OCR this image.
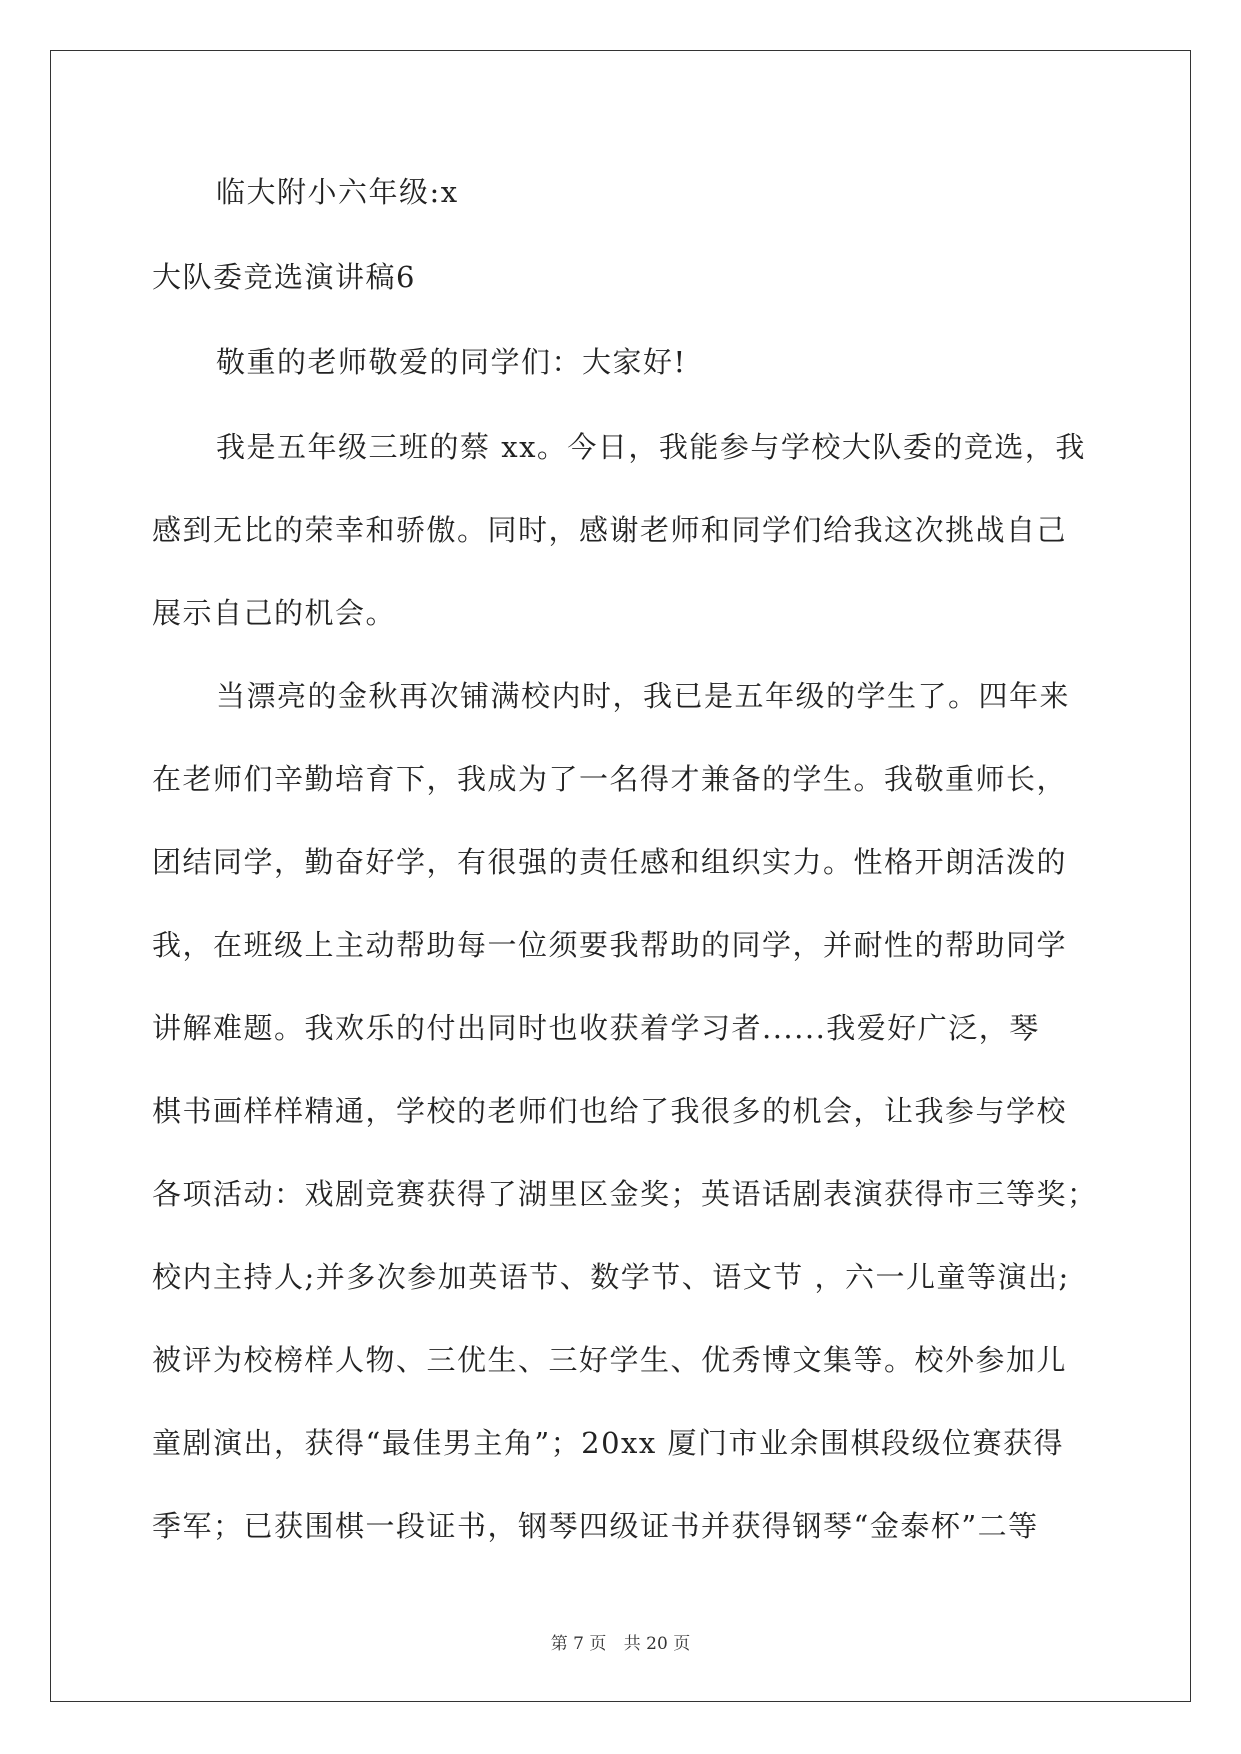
临大附小六年级:x
大队委竞选演讲稿6
敬重的老师敬爱的同学们：大家好!
我是五年级三班的蔡 xx。今日，我能参与学校大队委的竞选，我
感到无比的荣幸和骄傲。同时，感谢老师和同学们给我这次挑战自己
展示自己的机会。
当漂亮的金秋再次铺满校内时，我已是五年级的学生了。四年来
在老师们辛勤培育下，我成为了一名得才兼备的学生。我敬重师长，
团结同学，勤奋好学，有很强的责任感和组织实力。性格开朗活泼的
我，在班级上主动帮助每一位须要我帮助的同学，并耐性的帮助同学
讲解难题。我欢乐的付出同时也收获着学习者......我爱好广泛，琴
棋书画样样精通，学校的老师们也给了我很多的机会，让我参与学校
各项活动：戏剧竞赛获得了湖里区金奖；英语话剧表演获得市三等奖；
校内主持人;并多次参加英语节、数学节、语文节 ，六一儿童等演出;
被评为校榜样人物、三优生、三好学生、优秀博文集等。校外参加儿
童剧演出，获得“最佳男主角”；20xx 厦门市业余围棋段级位赛获得
季军；已获围棋一段证书，钢琴四级证书并获得钢琴“金泰杯”二等
第 7 页 共 20 页
